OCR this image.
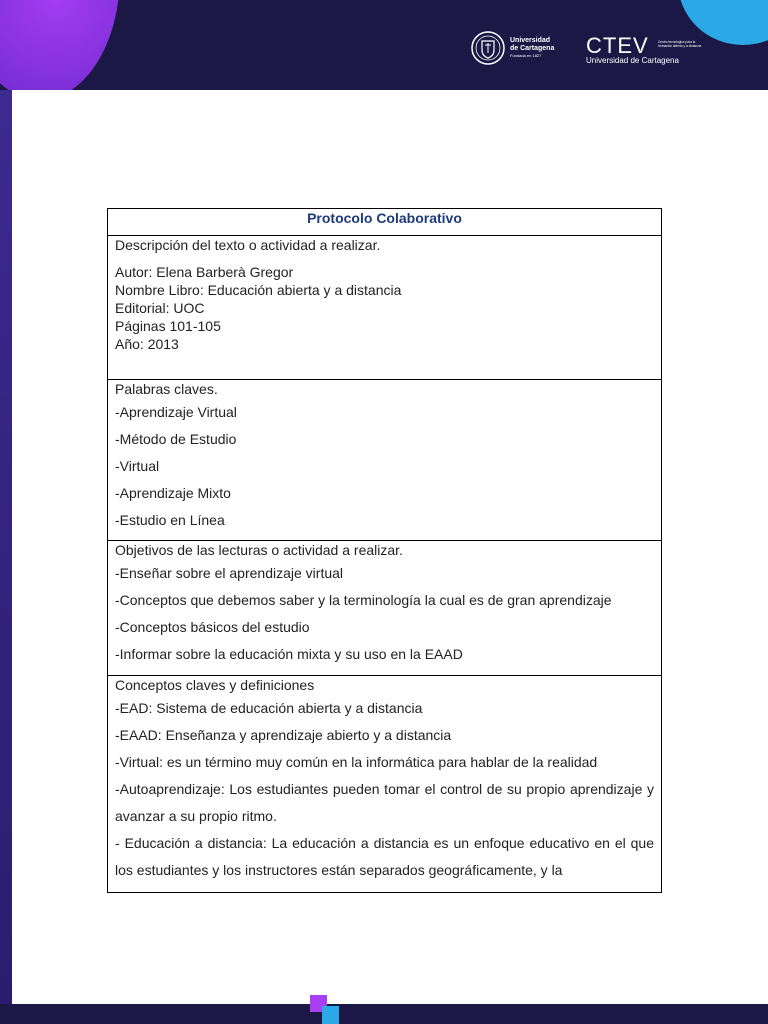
Universidad
de Cartagena
Fundada en 1827	CTEV
Universidad de Cartagena
Centro tecnológico para la formación abierta y a distancia
Protocolo Colaborativo
Descripción del texto o actividad a realizar.
Autor: Elena Barberà Gregor
Nombre Libro: Educación abierta y a distancia
Editorial: UOC
Páginas 101-105
Año: 2013
Palabras claves.
-Aprendizaje Virtual
-Método de Estudio
-Virtual
-Aprendizaje Mixto
-Estudio en Línea
Objetivos de las lecturas o actividad a realizar.
-Enseñar sobre el aprendizaje virtual
-Conceptos que debemos saber y la terminología la cual es de gran aprendizaje
-Conceptos básicos del estudio
-Informar sobre la educación mixta y su uso en la EAAD
Conceptos claves y definiciones
-EAD: Sistema de educación abierta y a distancia
-EAAD: Enseñanza y aprendizaje abierto y a distancia
-Virtual: es un término muy común en la informática para hablar de la realidad
-Autoaprendizaje: Los estudiantes pueden tomar el control de su propio aprendizaje y avanzar a su propio ritmo.
- Educación a distancia: La educación a distancia es un enfoque educativo en el que los estudiantes y los instructores están separados geográficamente, y la
